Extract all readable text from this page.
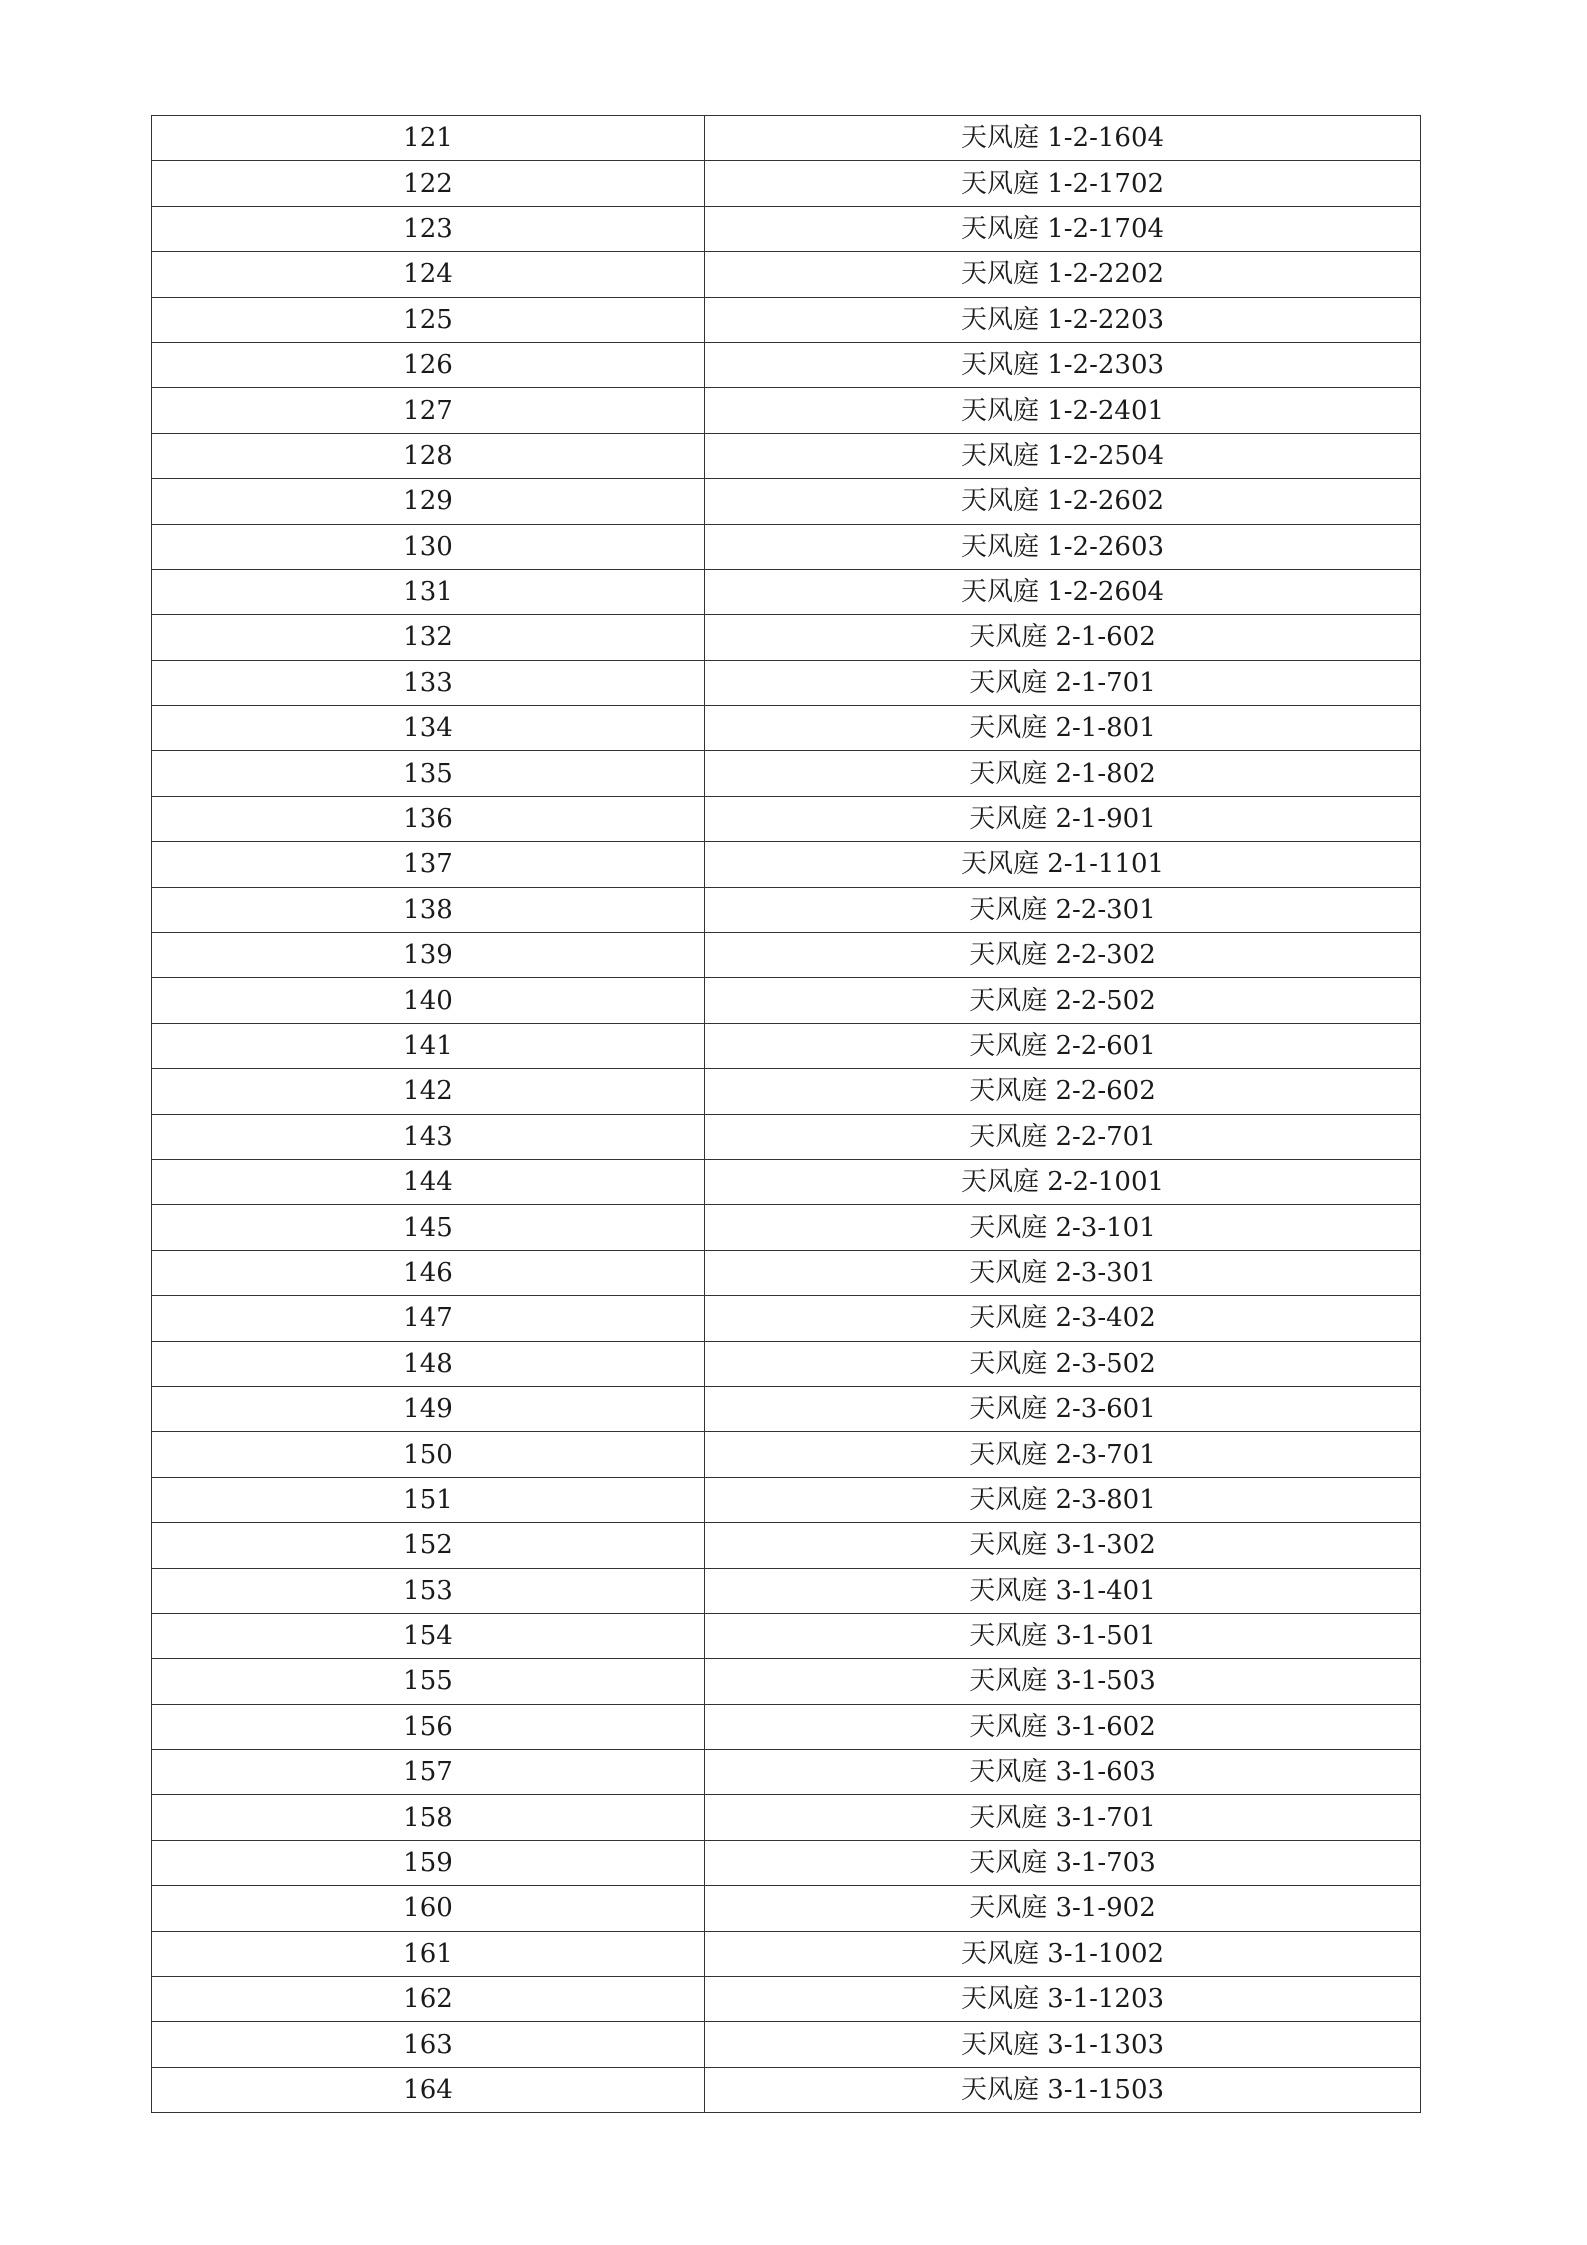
121	天风庭 1-2-1604
122	天风庭 1-2-1702
123	天风庭 1-2-1704
124	天风庭 1-2-2202
125	天风庭 1-2-2203
126	天风庭 1-2-2303
127	天风庭 1-2-2401
128	天风庭 1-2-2504
129	天风庭 1-2-2602
130	天风庭 1-2-2603
131	天风庭 1-2-2604
132	天风庭 2-1-602
133	天风庭 2-1-701
134	天风庭 2-1-801
135	天风庭 2-1-802
136	天风庭 2-1-901
137	天风庭 2-1-1101
138	天风庭 2-2-301
139	天风庭 2-2-302
140	天风庭 2-2-502
141	天风庭 2-2-601
142	天风庭 2-2-602
143	天风庭 2-2-701
144	天风庭 2-2-1001
145	天风庭 2-3-101
146	天风庭 2-3-301
147	天风庭 2-3-402
148	天风庭 2-3-502
149	天风庭 2-3-601
150	天风庭 2-3-701
151	天风庭 2-3-801
152	天风庭 3-1-302
153	天风庭 3-1-401
154	天风庭 3-1-501
155	天风庭 3-1-503
156	天风庭 3-1-602
157	天风庭 3-1-603
158	天风庭 3-1-701
159	天风庭 3-1-703
160	天风庭 3-1-902
161	天风庭 3-1-1002
162	天风庭 3-1-1203
163	天风庭 3-1-1303
164	天风庭 3-1-1503
